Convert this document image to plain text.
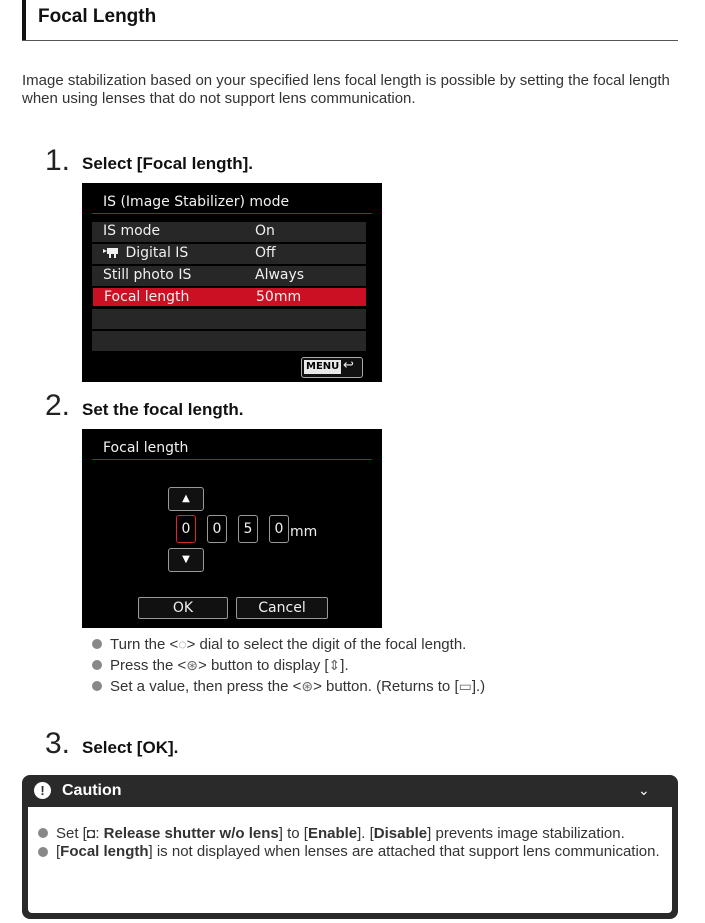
Focal Length
Image stabilization based on your specified lens focal length is possible by setting the focal length when using lenses that do not support lens communication.
1. Select [Focal length].
IS (Image Stabilizer) mode
IS mode	On
Digital IS	Off
Still photo IS	Always
Focal length	50mm
MENU ↩
2. Set the focal length.
Focal length
▲
0	0	5	0 mm
▼
OK	Cancel
Turn the <◌> dial to select the digit of the focal length.
Press the <⊛> button to display [⇕].
Set a value, then press the <⊛> button. (Returns to [▭].)
3. Select [OK].
!	Caution	⌄
Set [◘: Release shutter w/o lens] to [Enable]. [Disable] prevents image stabilization.
[Focal length] is not displayed when lenses are attached that support lens communication.
